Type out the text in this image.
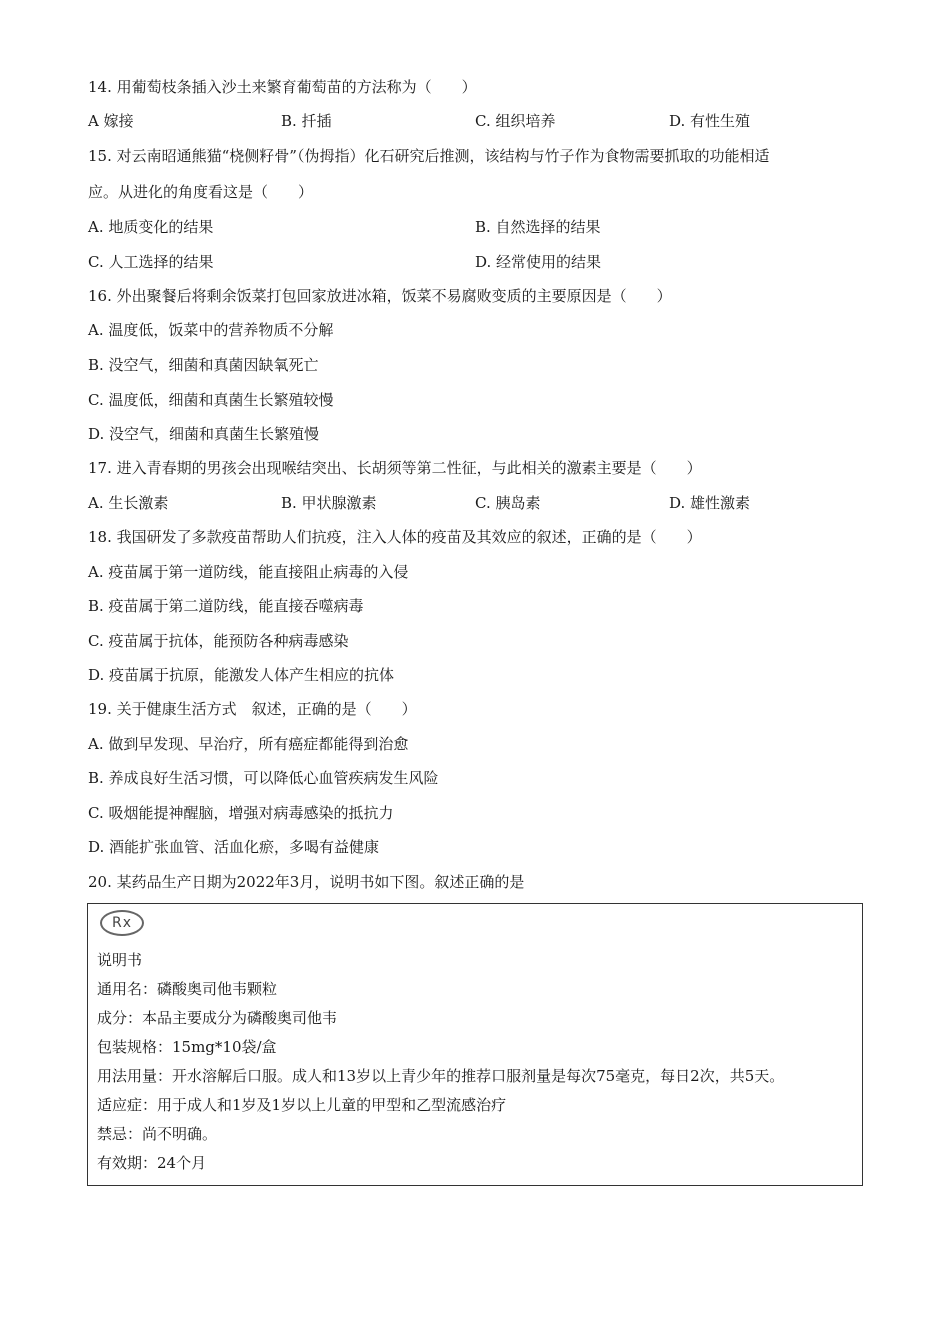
14. 用葡萄枝条插入沙土来繁育葡萄苗的方法称为（　　）
A 嫁接	B. 扦插	C. 组织培养	D. 有性生殖
15. 对云南昭通熊猫“桡侧籽骨”（伪拇指）化石研究后推测，该结构与竹子作为食物需要抓取的功能相适
应。从进化的角度看这是（　　）
A. 地质变化的结果	B. 自然选择的结果
C. 人工选择的结果	D. 经常使用的结果
16. 外出聚餐后将剩余饭菜打包回家放进冰箱，饭菜不易腐败变质的主要原因是（　　）
A. 温度低，饭菜中的营养物质不分解
B. 没空气，细菌和真菌因缺氧死亡
C. 温度低，细菌和真菌生长繁殖较慢
D. 没空气，细菌和真菌生长繁殖慢
17. 进入青春期的男孩会出现喉结突出、长胡须等第二性征，与此相关的激素主要是（　　）
A. 生长激素	B. 甲状腺激素	C. 胰岛素	D. 雄性激素
18. 我国研发了多款疫苗帮助人们抗疫，注入人体的疫苗及其效应的叙述，正确的是（　　）
A. 疫苗属于第一道防线，能直接阻止病毒的入侵
B. 疫苗属于第二道防线，能直接吞噬病毒
C. 疫苗属于抗体，能预防各种病毒感染
D. 疫苗属于抗原，能激发人体产生相应的抗体
19. 关于健康生活方式　叙述，正确的是（　　）
A. 做到早发现、早治疗，所有癌症都能得到治愈
B. 养成良好生活习惯，可以降低心血管疾病发生风险
C. 吸烟能提神醒脑，增强对病毒感染的抵抗力
D. 酒能扩张血管、活血化瘀，多喝有益健康
20. 某药品生产日期为2022年3月，说明书如下图。叙述正确的是
Rx
说明书
通用名：磷酸奥司他韦颗粒
成分：本品主要成分为磷酸奥司他韦
包装规格：15mg*10袋/盒
用法用量：开水溶解后口服。成人和13岁以上青少年的推荐口服剂量是每次75毫克，每日2次，共5天。
适应症：用于成人和1岁及1岁以上儿童的甲型和乙型流感治疗
禁忌：尚不明确。
有效期：24个月
